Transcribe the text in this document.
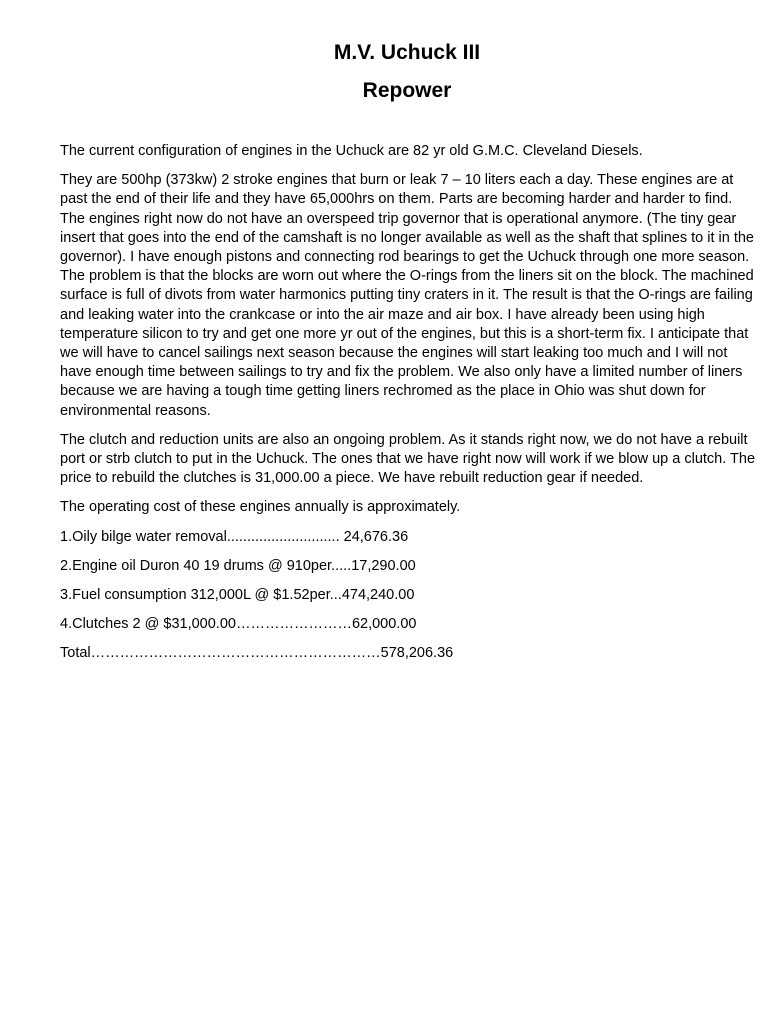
M.V. Uchuck III
Repower

The current configuration of engines in the Uchuck are 82 yr old G.M.C. Cleveland Diesels.

They are 500hp (373kw) 2 stroke engines that burn or leak 7 – 10 liters each a day. These engines are at past the end of their life and they have 65,000hrs on them. Parts are becoming harder and harder to find. The engines right now do not have an overspeed trip governor that is operational anymore. (The tiny gear insert that goes into the end of the camshaft is no longer available as well as the shaft that splines to it in the governor). I have enough pistons and connecting rod bearings to get the Uchuck through one more season. The problem is that the blocks are worn out where the O-rings from the liners sit on the block. The machined surface is full of divots from water harmonics putting tiny craters in it. The result is that the O-rings are failing and leaking water into the crankcase or into the air maze and air box. I have already been using high temperature silicon to try and get one more yr out of the engines, but this is a short-term fix. I anticipate that we will have to cancel sailings next season because the engines will start leaking too much and I will not have enough time between sailings to try and fix the problem. We also only have a limited number of liners because we are having a tough time getting liners rechromed as the place in Ohio was shut down for environmental reasons.

The clutch and reduction units are also an ongoing problem. As it stands right now, we do not have a rebuilt port or strb clutch to put in the Uchuck. The ones that we have right now will work if we blow up a clutch. The price to rebuild the clutches is 31,000.00 a piece. We have rebuilt reduction gear if needed.

The operating cost of these engines annually is approximately.

1.Oily bilge water removal............................ 24,676.36
2.Engine oil Duron 40 19 drums @ 910per.....17,290.00
3.Fuel consumption 312,000L @ $1.52per...474,240.00
4.Clutches 2 @ $31,000.00……………………62,000.00
Total……………………………………………………578,206.36
